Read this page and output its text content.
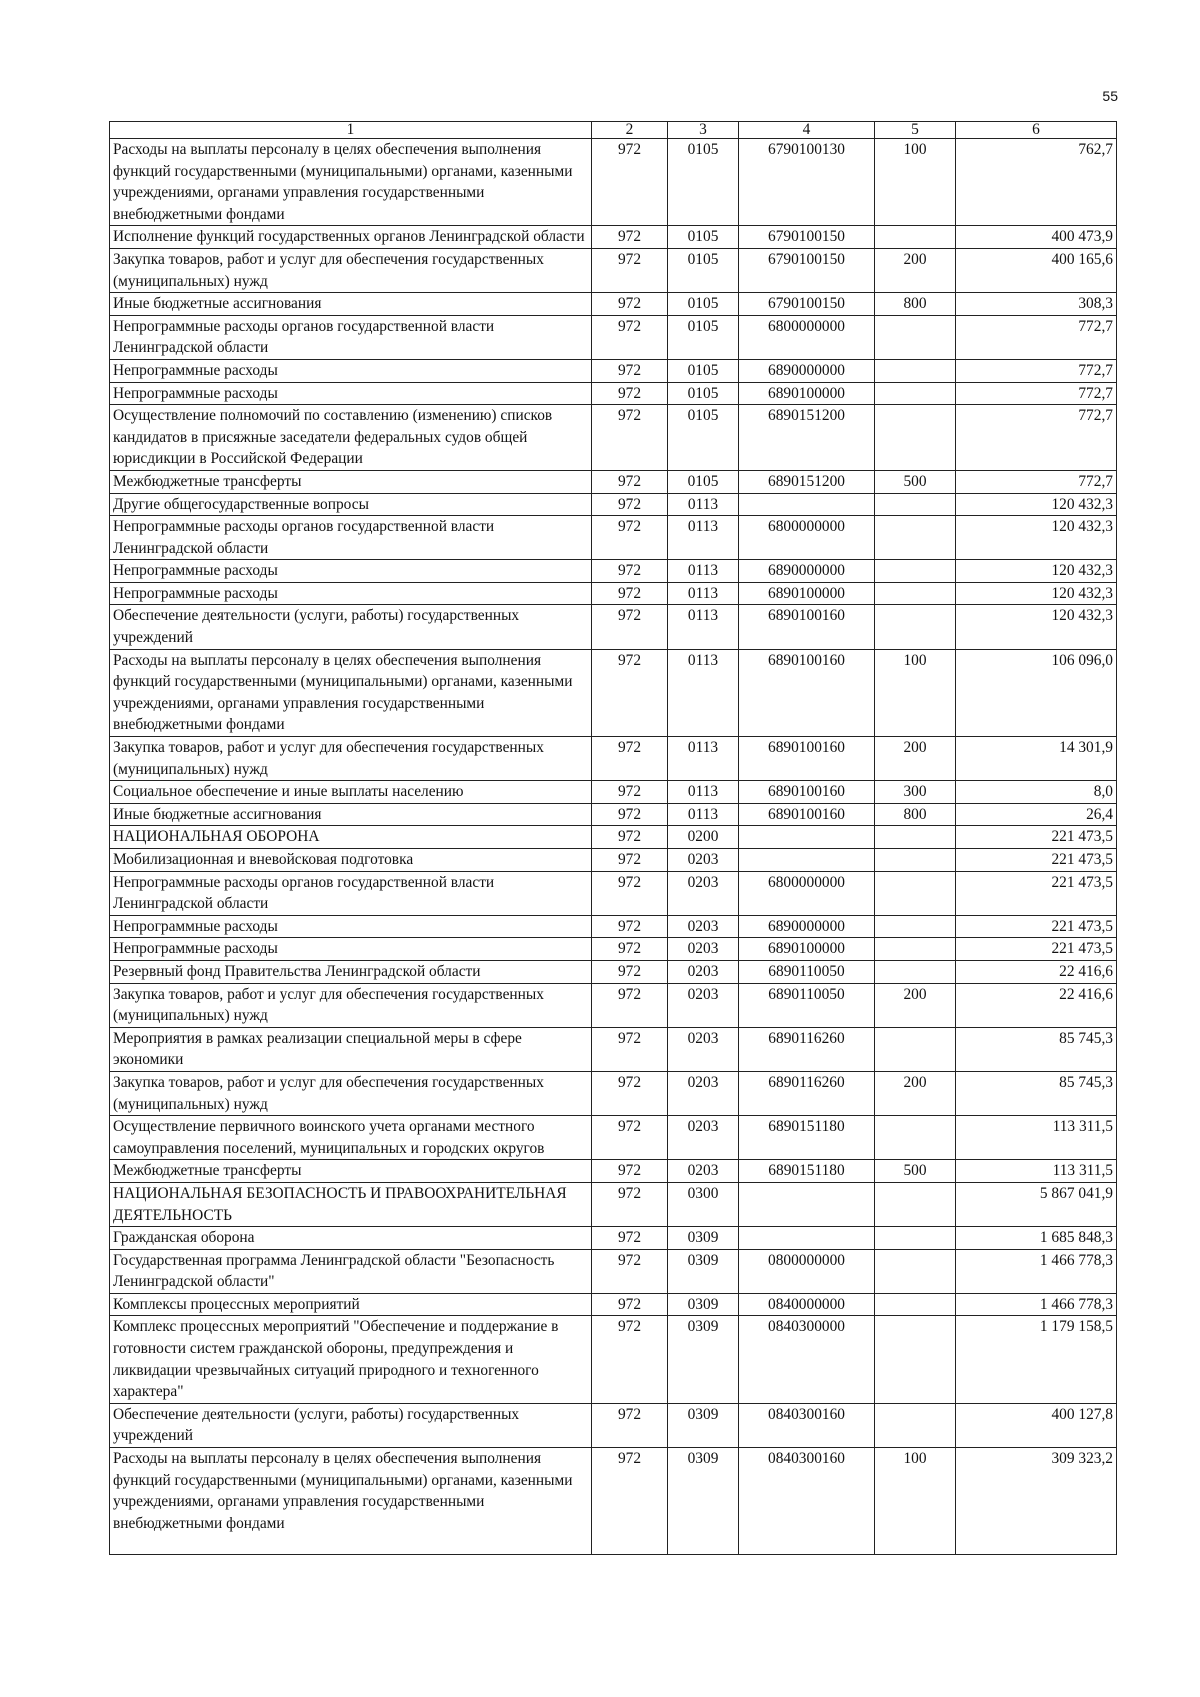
55
1	2	3	4	5	6
Расходы на выплаты персоналу в целях обеспечения выполнения функций государственными (муниципальными) органами, казенными учреждениями, органами управления государственными внебюджетными фондами	972	0105	6790100130	100	762,7
Исполнение функций государственных органов Ленинградской области	972	0105	6790100150		400 473,9
Закупка товаров, работ и услуг для обеспечения государственных (муниципальных) нужд	972	0105	6790100150	200	400 165,6
Иные бюджетные ассигнования	972	0105	6790100150	800	308,3
Непрограммные расходы органов государственной власти Ленинградской области	972	0105	6800000000		772,7
Непрограммные расходы	972	0105	6890000000		772,7
Непрограммные расходы	972	0105	6890100000		772,7
Осуществление полномочий по составлению (изменению) списков кандидатов в присяжные заседатели федеральных судов общей юрисдикции в Российской Федерации	972	0105	6890151200		772,7
Межбюджетные трансферты	972	0105	6890151200	500	772,7
Другие общегосударственные вопросы	972	0113			120 432,3
Непрограммные расходы органов государственной власти Ленинградской области	972	0113	6800000000		120 432,3
Непрограммные расходы	972	0113	6890000000		120 432,3
Непрограммные расходы	972	0113	6890100000		120 432,3
Обеспечение деятельности (услуги, работы) государственных учреждений	972	0113	6890100160		120 432,3
Расходы на выплаты персоналу в целях обеспечения выполнения функций государственными (муниципальными) органами, казенными учреждениями, органами управления государственными внебюджетными фондами	972	0113	6890100160	100	106 096,0
Закупка товаров, работ и услуг для обеспечения государственных (муниципальных) нужд	972	0113	6890100160	200	14 301,9
Социальное обеспечение и иные выплаты населению	972	0113	6890100160	300	8,0
Иные бюджетные ассигнования	972	0113	6890100160	800	26,4
НАЦИОНАЛЬНАЯ ОБОРОНА	972	0200			221 473,5
Мобилизационная и вневойсковая подготовка	972	0203			221 473,5
Непрограммные расходы органов государственной власти Ленинградской области	972	0203	6800000000		221 473,5
Непрограммные расходы	972	0203	6890000000		221 473,5
Непрограммные расходы	972	0203	6890100000		221 473,5
Резервный фонд Правительства Ленинградской области	972	0203	6890110050		22 416,6
Закупка товаров, работ и услуг для обеспечения государственных (муниципальных) нужд	972	0203	6890110050	200	22 416,6
Мероприятия в рамках реализации специальной меры в сфере экономики	972	0203	6890116260		85 745,3
Закупка товаров, работ и услуг для обеспечения государственных (муниципальных) нужд	972	0203	6890116260	200	85 745,3
Осуществление первичного воинского учета органами местного самоуправления поселений, муниципальных и городских округов	972	0203	6890151180		113 311,5
Межбюджетные трансферты	972	0203	6890151180	500	113 311,5
НАЦИОНАЛЬНАЯ БЕЗОПАСНОСТЬ И ПРАВООХРАНИТЕЛЬНАЯ ДЕЯТЕЛЬНОСТЬ	972	0300			5 867 041,9
Гражданская оборона	972	0309			1 685 848,3
Государственная программа Ленинградской области "Безопасность Ленинградской области"	972	0309	0800000000		1 466 778,3
Комплексы процессных мероприятий	972	0309	0840000000		1 466 778,3
Комплекс процессных мероприятий "Обеспечение и поддержание в готовности систем гражданской обороны, предупреждения и ликвидации чрезвычайных ситуаций природного и техногенного характера"	972	0309	0840300000		1 179 158,5
Обеспечение деятельности (услуги, работы) государственных учреждений	972	0309	0840300160		400 127,8
Расходы на выплаты персоналу в целях обеспечения выполнения функций государственными (муниципальными) органами, казенными учреждениями, органами управления государственными внебюджетными фондами	972	0309	0840300160	100	309 323,2
